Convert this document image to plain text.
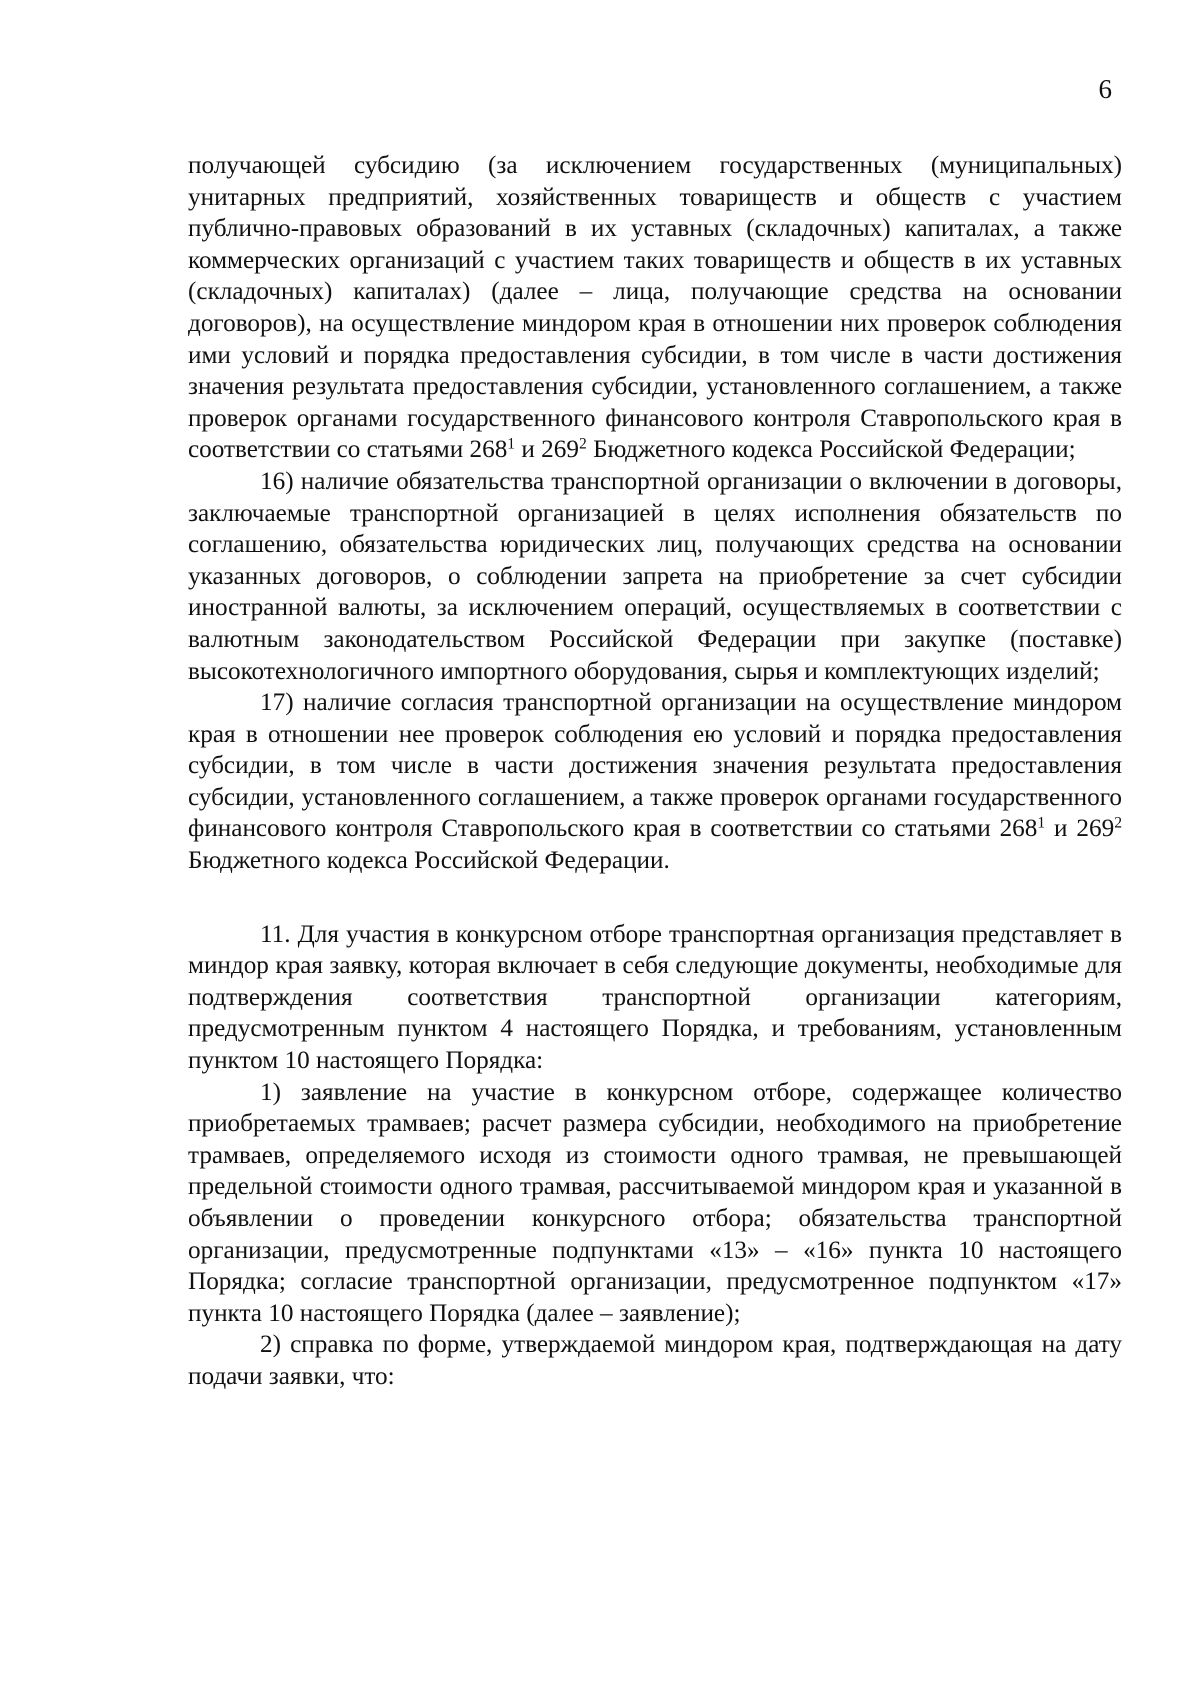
6

получающей субсидию (за исключением государственных (муниципальных) унитарных предприятий, хозяйственных товариществ и обществ с участием публично-правовых образований в их уставных (складочных) капиталах, а также коммерческих организаций с участием таких товариществ и обществ в их уставных (складочных) капиталах) (далее – лица, получающие средства на основании договоров), на осуществление миндором края в отношении них проверок соблюдения ими условий и порядка предоставления субсидии, в том числе в части достижения значения результата предоставления субсидии, установленного соглашением, а также проверок органами государственного финансового контроля Ставропольского края в соответствии со статьями $268^1$ и $269^2$ Бюджетного кодекса Российской Федерации;

16) наличие обязательства транспортной организации о включении в договоры, заключаемые транспортной организацией в целях исполнения обязательств по соглашению, обязательства юридических лиц, получающих средства на основании указанных договоров, о соблюдении запрета на приобретение за счет субсидии иностранной валюты, за исключением операций, осуществляемых в соответствии с валютным законодательством Российской Федерации при закупке (поставке) высокотехнологичного импортного оборудования, сырья и комплектующих изделий;

17) наличие согласия транспортной организации на осуществление миндором края в отношении нее проверок соблюдения ею условий и порядка предоставления субсидии, в том числе в части достижения значения результата предоставления субсидии, установленного соглашением, а также проверок органами государственного финансового контроля Ставропольского края в соответствии со статьями $268^1$ и $269^2$ Бюджетного кодекса Российской Федерации.

11. Для участия в конкурсном отборе транспортная организация представляет в миндор края заявку, которая включает в себя следующие документы, необходимые для подтверждения соответствия транспортной организации категориям, предусмотренным пунктом 4 настоящего Порядка, и требованиям, установленным пунктом 10 настоящего Порядка:

1) заявление на участие в конкурсном отборе, содержащее количество приобретаемых трамваев; расчет размера субсидии, необходимого на приобретение трамваев, определяемого исходя из стоимости одного трамвая, не превышающей предельной стоимости одного трамвая, рассчитываемой миндором края и указанной в объявлении о проведении конкурсного отбора; обязательства транспортной организации, предусмотренные подпунктами «13» – «16» пункта 10 настоящего Порядка; согласие транспортной организации, предусмотренное подпунктом «17» пункта 10 настоящего Порядка (далее – заявление);

2) справка по форме, утверждаемой миндором края, подтверждающая на дату подачи заявки, что:
